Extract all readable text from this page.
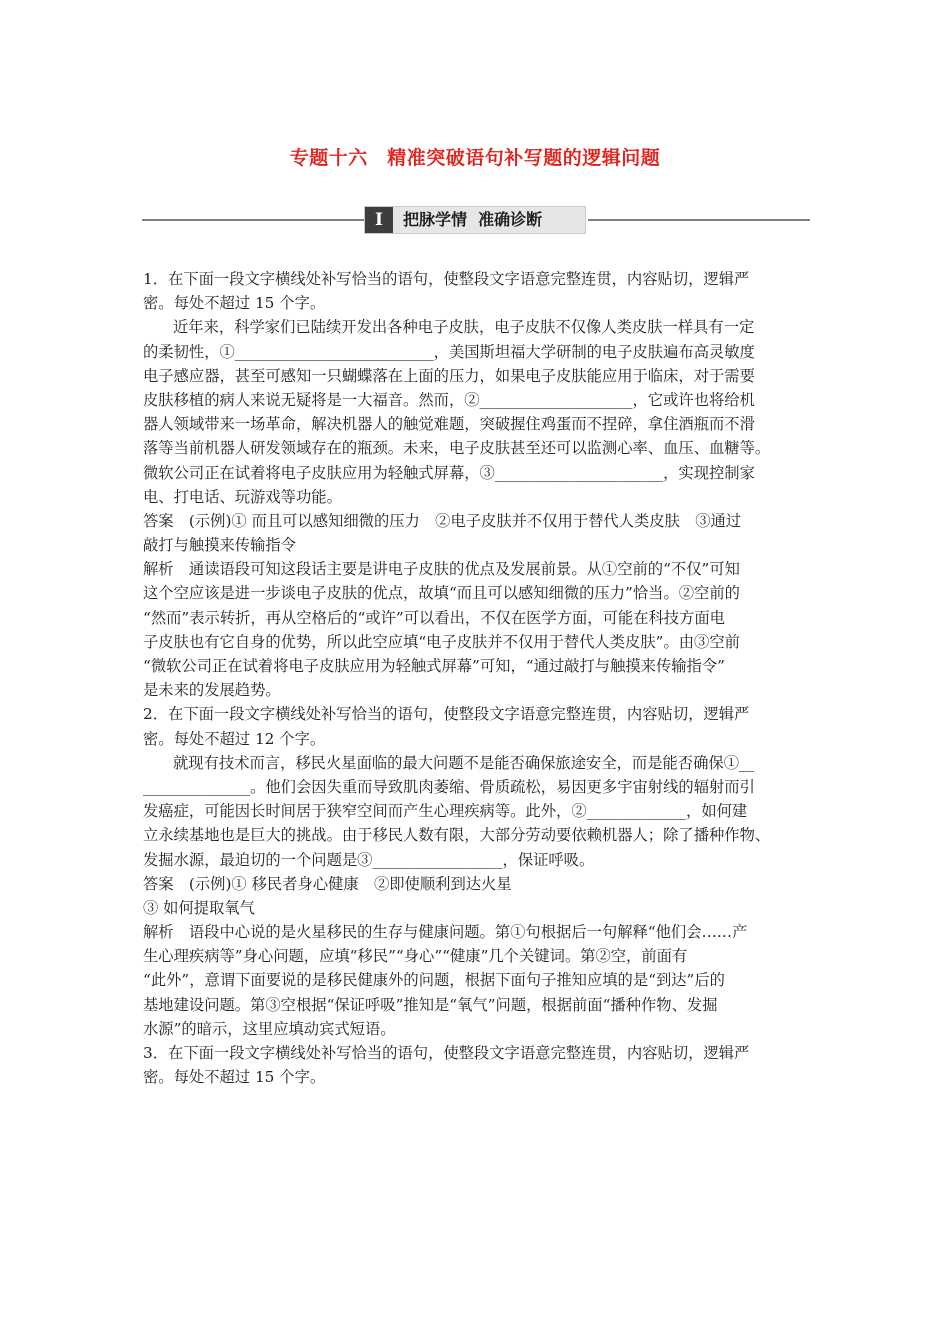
专题十六　精准突破语句补写题的逻辑问题
I	把脉学情  准确诊断
1．在下面一段文字横线处补写恰当的语句，使整段文字语意完整连贯，内容贴切，逻辑严
密。每处不超过 15 个字。
近年来，科学家们已陆续开发出各种电子皮肤，电子皮肤不仅像人类皮肤一样具有一定
的柔韧性，①__________________________，美国斯坦福大学研制的电子皮肤遍布高灵敏度
电子感应器，甚至可感知一只蝴蝶落在上面的压力，如果电子皮肤能应用于临床，对于需要
皮肤移植的病人来说无疑将是一大福音。然而，②____________________，它或许也将给机
器人领域带来一场革命，解决机器人的触觉难题，突破握住鸡蛋而不捏碎，拿住酒瓶而不滑
落等当前机器人研发领域存在的瓶颈。未来，电子皮肤甚至还可以监测心率、血压、血糖等。
微软公司正在试着将电子皮肤应用为轻触式屏幕，③______________________，实现控制家
电、打电话、玩游戏等功能。
答案　(示例)① 而且可以感知细微的压力　②电子皮肤并不仅用于替代人类皮肤　③通过
敲打与触摸来传输指令
解析　通读语段可知这段话主要是讲电子皮肤的优点及发展前景。从①空前的“不仅”可知
这个空应该是进一步谈电子皮肤的优点，故填“而且可以感知细微的压力”恰当。②空前的
“然而”表示转折，再从空格后的“或许”可以看出，不仅在医学方面，可能在科技方面电
子皮肤也有它自身的优势，所以此空应填“电子皮肤并不仅用于替代人类皮肤”。由③空前
“微软公司正在试着将电子皮肤应用为轻触式屏幕”可知，“通过敲打与触摸来传输指令”
是未来的发展趋势。
2．在下面一段文字横线处补写恰当的语句，使整段文字语意完整连贯，内容贴切，逻辑严
密。每处不超过 12 个字。
就现有技术而言，移民火星面临的最大问题不是能否确保旅途安全，而是能否确保①__
______________。他们会因失重而导致肌肉萎缩、骨质疏松，易因更多宇宙射线的辐射而引
发癌症，可能因长时间居于狭窄空间而产生心理疾病等。此外，②_____________，如何建
立永续基地也是巨大的挑战。由于移民人数有限，大部分劳动要依赖机器人；除了播种作物、
发掘水源，最迫切的一个问题是③_________________，保证呼吸。
答案　(示例)① 移民者身心健康　②即使顺利到达火星
③ 如何提取氧气
解析　语段中心说的是火星移民的生存与健康问题。第①句根据后一句解释“他们会……产
生心理疾病等”身心问题，应填“移民”“身心”“健康”几个关键词。第②空，前面有
“此外”，意谓下面要说的是移民健康外的问题，根据下面句子推知应填的是“到达”后的
基地建设问题。第③空根据“保证呼吸”推知是“氧气”问题，根据前面“播种作物、发掘
水源”的暗示，这里应填动宾式短语。
3．在下面一段文字横线处补写恰当的语句，使整段文字语意完整连贯，内容贴切，逻辑严
密。每处不超过 15 个字。
